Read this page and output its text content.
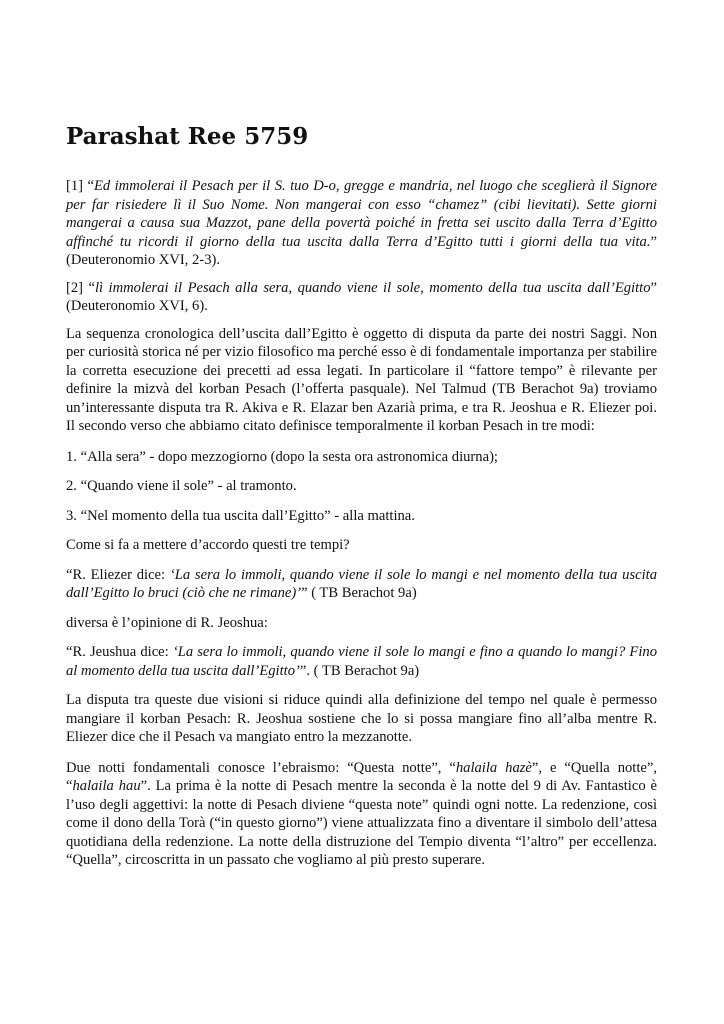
Parashat Ree 5759

[1] “Ed immolerai il Pesach per il S. tuo D-o, gregge e mandria, nel luogo che sceglierà il Signore per far risiedere lì il Suo Nome. Non mangerai con esso “chamez” (cibi lievitati). Sette giorni mangerai a causa sua Mazzot, pane della povertà poiché in fretta sei uscito dalla Terra d’Egitto affinché tu ricordi il giorno della tua uscita dalla Terra d’Egitto tutti i giorni della tua vita.” (Deuteronomio XVI, 2-3).

[2] “lì immolerai il Pesach alla sera, quando viene il sole, momento della tua uscita dall’Egitto” (Deuteronomio XVI, 6).

La sequenza cronologica dell’uscita dall’Egitto è oggetto di disputa da parte dei nostri Saggi. Non per curiosità storica né per vizio filosofico ma perché esso è di fondamentale importanza per stabilire la corretta esecuzione dei precetti ad essa legati. In particolare il “fattore tempo” è rilevante per definire la mizvà del korban Pesach (l’offerta pasquale). Nel Talmud (TB Berachot 9a) troviamo un’interessante disputa tra R. Akiva e R. Elazar ben Azarià prima, e tra R. Jeoshua e R. Eliezer poi. Il secondo verso che abbiamo citato definisce temporalmente il korban Pesach in tre modi:

1. “Alla sera” - dopo mezzogiorno (dopo la sesta ora astronomica diurna);

2. “Quando viene il sole” - al tramonto.

3. “Nel momento della tua uscita dall’Egitto” - alla mattina.

Come si fa a mettere d’accordo questi tre tempi?

“R. Eliezer dice: ‘La sera lo immoli, quando viene il sole lo mangi e nel momento della tua uscita dall’Egitto lo bruci (ciò che ne rimane)’” ( TB Berachot 9a)

diversa è l’opinione di R. Jeoshua:

“R. Jeushua dice: ‘La sera lo immoli, quando viene il sole lo mangi e fino a quando lo mangi? Fino al momento della tua uscita dall’Egitto’”. ( TB Berachot 9a)

La disputa tra queste due visioni si riduce quindi alla definizione del tempo nel quale è permesso mangiare il korban Pesach: R. Jeoshua sostiene che lo si possa mangiare fino all’alba mentre R. Eliezer dice che il Pesach va mangiato entro la mezzanotte.

Due notti fondamentali conosce l’ebraismo: “Questa notte”, “halaila hazè”, e “Quella notte”, “halaila hau”. La prima è la notte di Pesach mentre la seconda è la notte del 9 di Av. Fantastico è l’uso degli aggettivi: la notte di Pesach diviene “questa note” quindi ogni notte. La redenzione, così come il dono della Torà (“in questo giorno”) viene attualizzata fino a diventare il simbolo dell’attesa quotidiana della redenzione. La notte della distruzione del Tempio diventa “l’altro” per eccellenza. “Quella”, circoscritta in un passato che vogliamo al più presto superare.
